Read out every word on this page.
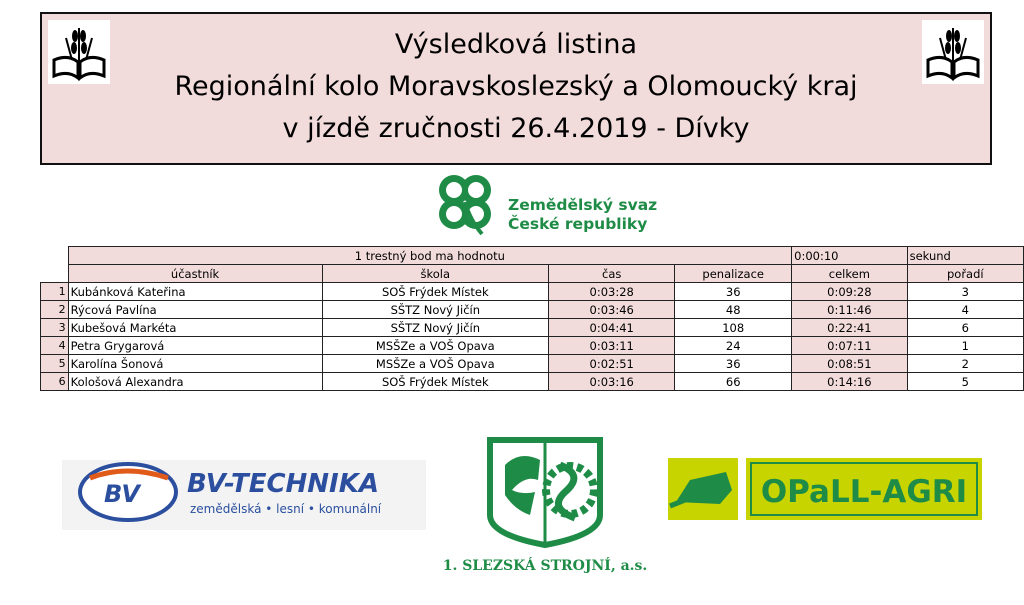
Výsledková listina
Regionální kolo Moravskoslezský a Olomoucký kraj
v jízdě zručnosti 26.4.2019 - Dívky
Zemědělský svaz
České republiky
	1 trestný bod ma hodnotu				0:00:10	sekund
	účastník	škola	čas	penalizace	celkem	pořadí
1	Kubánková Kateřina	SOŠ Frýdek Místek	0:03:28	36	0:09:28	3
2	Rýcová Pavlína	SŠTZ Nový Jičín	0:03:46	48	0:11:46	4
3	Kubešová Markéta	SŠTZ Nový Jičín	0:04:41	108	0:22:41	6
4	Petra Grygarová	MSŠZe a VOŠ Opava	0:03:11	24	0:07:11	1
5	Karolína Šonová	MSŠZe a VOŠ Opava	0:02:51	36	0:08:51	2
6	Kološová Alexandra	SOŠ Frýdek Místek	0:03:16	66	0:14:16	5
BV BV-TECHNIKA
zemědělská • lesní • komunální
1. SLEZSKÁ STROJNÍ, a.s.
OPaLL-AGRI
